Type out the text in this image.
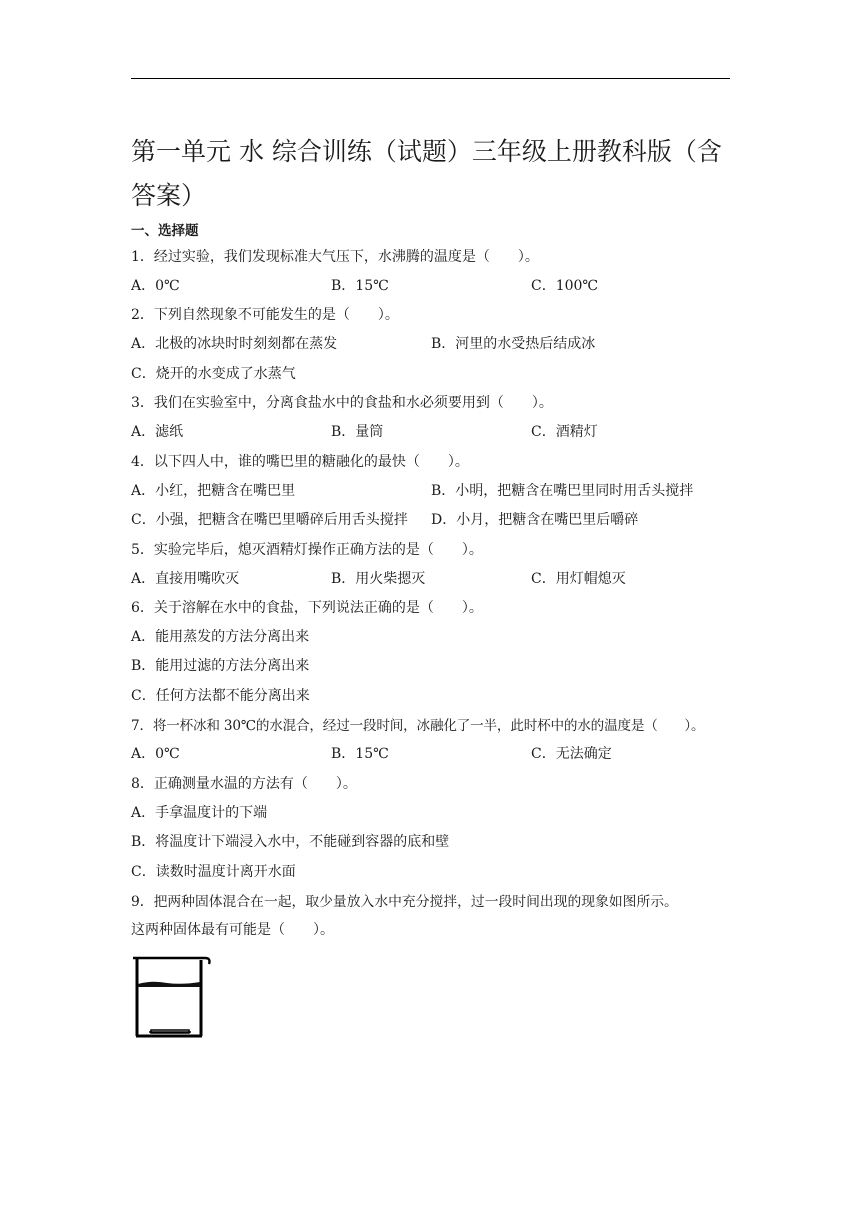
第一单元 水 综合训练（试题）三年级上册教科版（含答案）
一、选择题
1．经过实验，我们发现标准大气压下，水沸腾的温度是（　　）。
A．0℃	B．15℃	C．100℃
2．下列自然现象不可能发生的是（　　）。
A．北极的冰块时时刻刻都在蒸发	B．河里的水受热后结成冰
C．烧开的水变成了水蒸气
3．我们在实验室中，分离食盐水中的食盐和水必须要用到（　　）。
A．滤纸	B．量筒	C．酒精灯
4．以下四人中，谁的嘴巴里的糖融化的最快（　　）。
A．小红，把糖含在嘴巴里	B．小明，把糖含在嘴巴里同时用舌头搅拌
C．小强，把糖含在嘴巴里嚼碎后用舌头搅拌 D．小月，把糖含在嘴巴里后嚼碎
5．实验完毕后，熄灭酒精灯操作正确方法的是（　　）。
A．直接用嘴吹灭	B．用火柴摁灭	C．用灯帽熄灭
6．关于溶解在水中的食盐，下列说法正确的是（　　）。
A．能用蒸发的方法分离出来
B．能用过滤的方法分离出来
C．任何方法都不能分离出来
7．将一杯冰和 30℃的水混合，经过一段时间，冰融化了一半，此时杯中的水的温度是（　　）。
A．0℃	B．15℃	C．无法确定
8．正确测量水温的方法有（　　）。
A．手拿温度计的下端
B．将温度计下端浸入水中，不能碰到容器的底和壁
C．读数时温度计离开水面
9．把两种固体混合在一起，取少量放入水中充分搅拌，过一段时间出现的现象如图所示。
这两种固体最有可能是（　　）。
